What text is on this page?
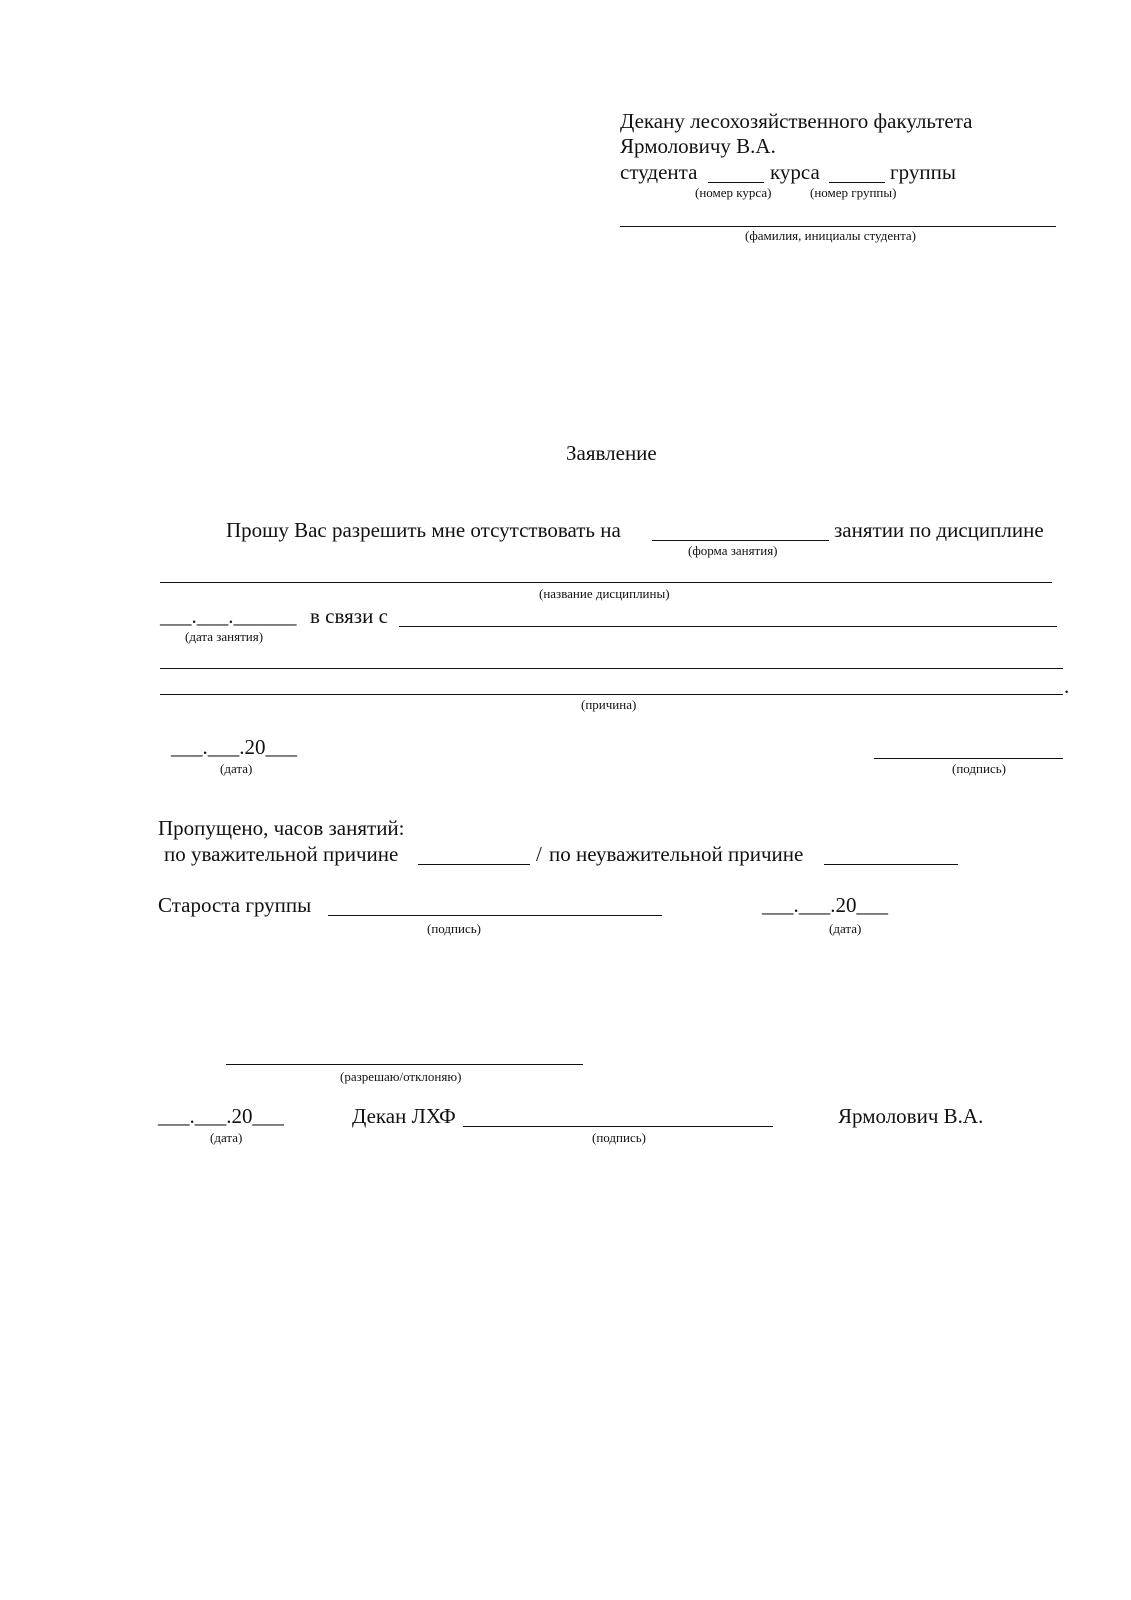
Декану лесохозяйственного факультета
Ярмоловичу В.А.
студента	курса	группы
(номер курса)	(номер группы)
(фамилия, инициалы студента)
Заявление
Прошу Вас разрешить мне отсутствовать на	занятии по дисциплине
(форма занятия)
(название дисциплины)
___.___.______ в связи с
(дата занятия)
.
(причина)
___.___.20___
(дата)	(подпись)
Пропущено, часов занятий:
по уважительной причине	/ по неуважительной причине
Староста группы
(подпись)
___.___.20___
(дата)
(разрешаю/отклоняю)
___.___.20___
(дата)
Декан ЛХФ
(подпись)
Ярмолович В.А.
